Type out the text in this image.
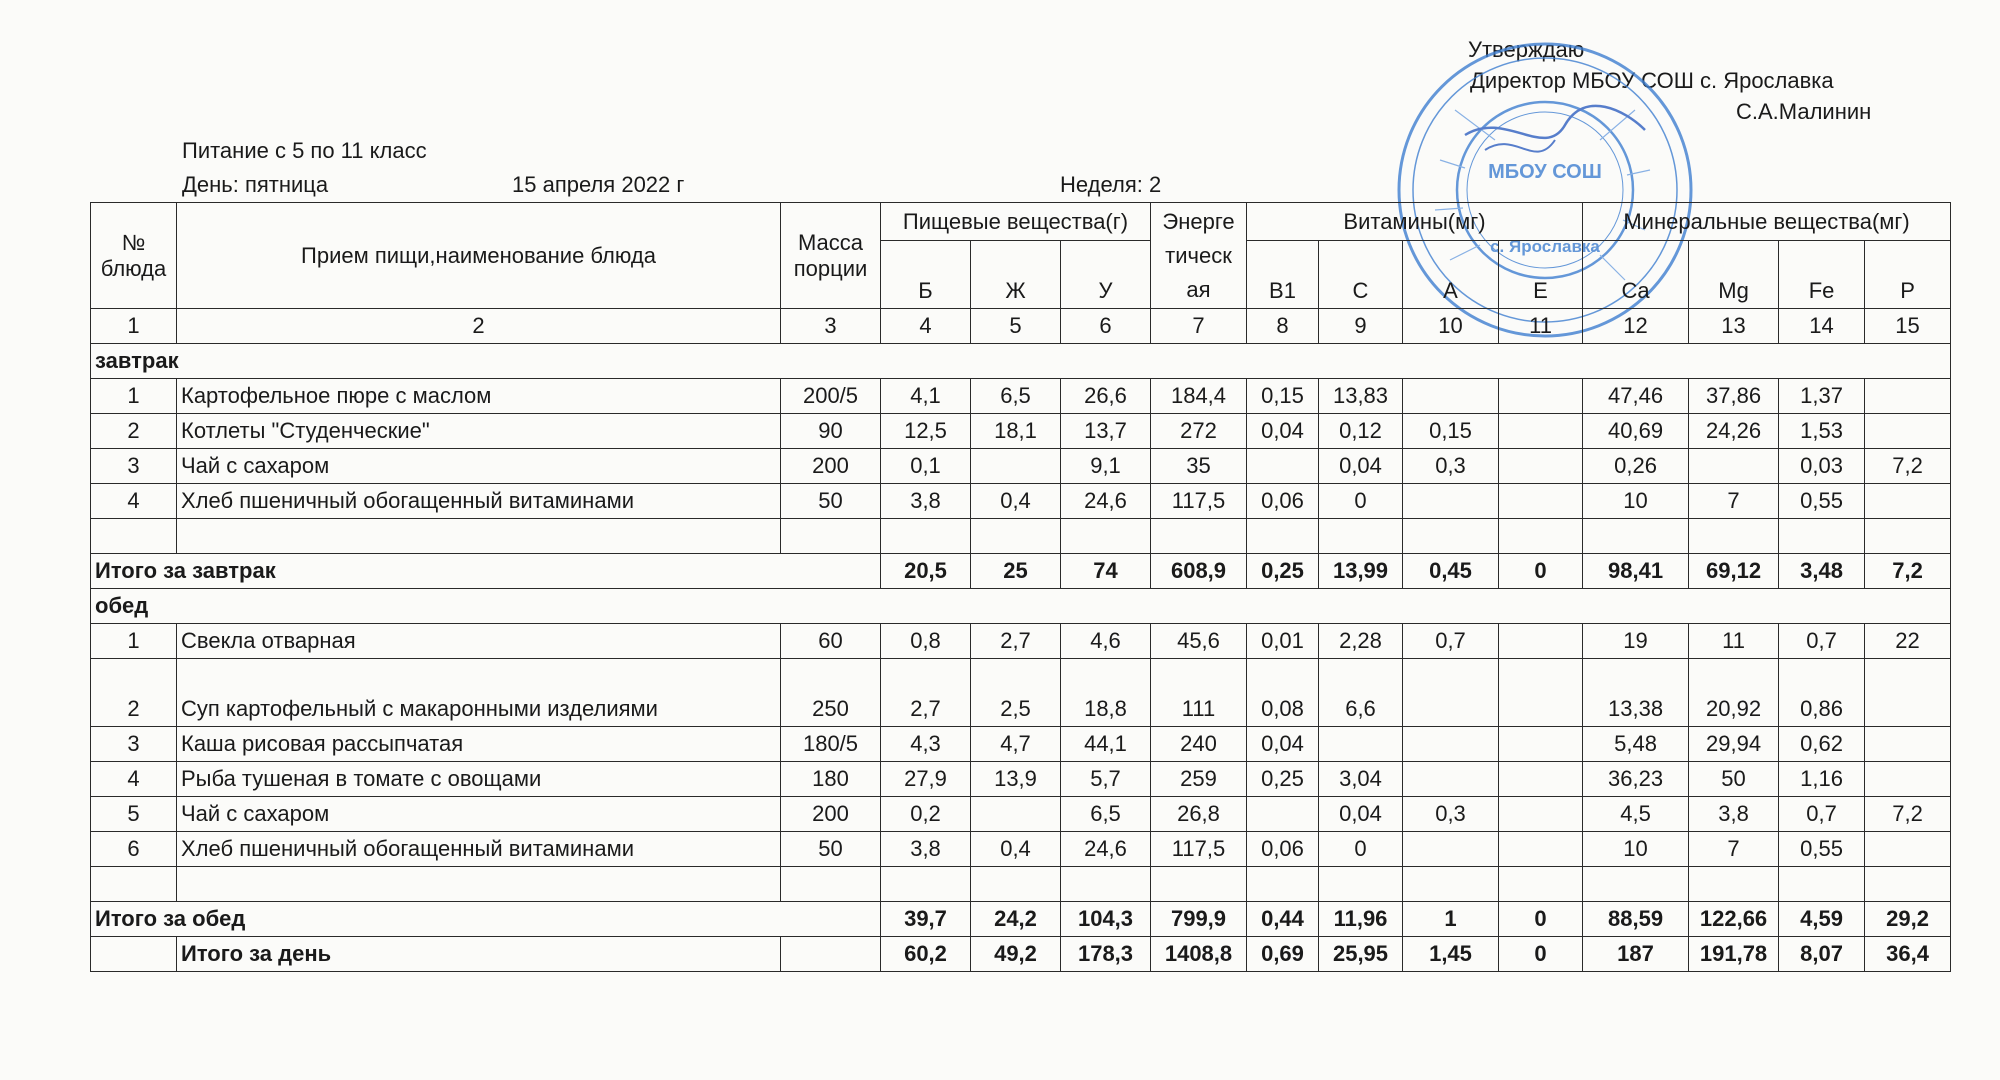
Утверждаю
Директор МБОУ СОШ с. Ярославка
С.А.Малинин
МБОУ СОШ
с. Ярославка
Питание с 5 по 11 класс
День: пятница	15 апреля 2022 г	Неделя: 2
№ блюда	Прием пищи,наименование блюда	Масса порции	Пищевые вещества(г)			Энерге тическ ая	Витамины(мг)				Минеральные вещества(мг)			
			Б	Ж	У		B1	C	A	E	Ca	Mg	Fe	P
1	2	3	4	5	6	7	8	9	10	11	12	13	14	15
завтрак														
1	Картофельное пюре с маслом	200/5	4,1	6,5	26,6	184,4	0,15	13,83			47,46	37,86	1,37	
2	Котлеты "Студенческие"	90	12,5	18,1	13,7	272	0,04	0,12	0,15		40,69	24,26	1,53	
3	Чай с сахаром	200	0,1		9,1	35		0,04	0,3		0,26		0,03	7,2
4	Хлеб пшеничный обогащенный витаминами	50	3,8	0,4	24,6	117,5	0,06	0			10	7	0,55	

Итого за завтрак			20,5	25	74	608,9	0,25	13,99	0,45	0	98,41	69,12	3,48	7,2
обед														
1	Свекла отварная	60	0,8	2,7	4,6	45,6	0,01	2,28	0,7		19	11	0,7	22
2	Суп картофельный с макаронными изделиями	250	2,7	2,5	18,8	111	0,08	6,6			13,38	20,92	0,86	
3	Каша рисовая рассыпчатая	180/5	4,3	4,7	44,1	240	0,04				5,48	29,94	0,62	
4	Рыба тушеная в томате с овощами	180	27,9	13,9	5,7	259	0,25	3,04			36,23	50	1,16	
5	Чай с сахаром	200	0,2		6,5	26,8		0,04	0,3		4,5	3,8	0,7	7,2
6	Хлеб пшеничный обогащенный витаминами	50	3,8	0,4	24,6	117,5	0,06	0			10	7	0,55	

Итого за обед			39,7	24,2	104,3	799,9	0,44	11,96	1	0	88,59	122,66	4,59	29,2
	Итого за день		60,2	49,2	178,3	1408,8	0,69	25,95	1,45	0	187	191,78	8,07	36,4
